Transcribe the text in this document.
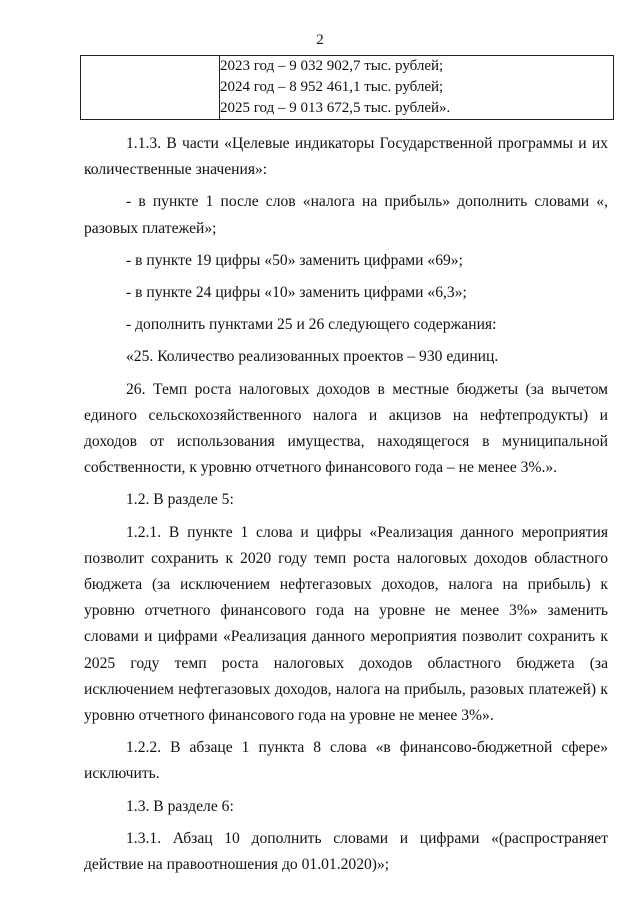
2

2023 год – 9 032 902,7 тыс. рублей;
2024 год – 8 952 461,1 тыс. рублей;
2025 год – 9 013 672,5 тыс. рублей».

1.1.3. В части «Целевые индикаторы Государственной программы и их количественные значения»:

- в пункте 1 после слов «налога на прибыль» дополнить словами «, разовых платежей»;

- в пункте 19 цифры «50» заменить цифрами «69»;

- в пункте 24 цифры «10» заменить цифрами «6,3»;

- дополнить пунктами 25 и 26 следующего содержания:

«25. Количество реализованных проектов – 930 единиц.

26. Темп роста налоговых доходов в местные бюджеты (за вычетом единого сельскохозяйственного налога и акцизов на нефтепродукты) и доходов от использования имущества, находящегося в муниципальной собственности, к уровню отчетного финансового года – не менее 3%.».

1.2. В разделе 5:

1.2.1. В пункте 1 слова и цифры «Реализация данного мероприятия позволит сохранить к 2020 году темп роста налоговых доходов областного бюджета (за исключением нефтегазовых доходов, налога на прибыль) к уровню отчетного финансового года на уровне не менее 3%» заменить словами и цифрами «Реализация данного мероприятия позволит сохранить к 2025 году темп роста налоговых доходов областного бюджета (за исключением нефтегазовых доходов, налога на прибыль, разовых платежей) к уровню отчетного финансового года на уровне не менее 3%».

1.2.2. В абзаце 1 пункта 8 слова «в финансово-бюджетной сфере» исключить.

1.3. В разделе 6:

1.3.1. Абзац 10 дополнить словами и цифрами «(распространяет действие на правоотношения до 01.01.2020)»;
